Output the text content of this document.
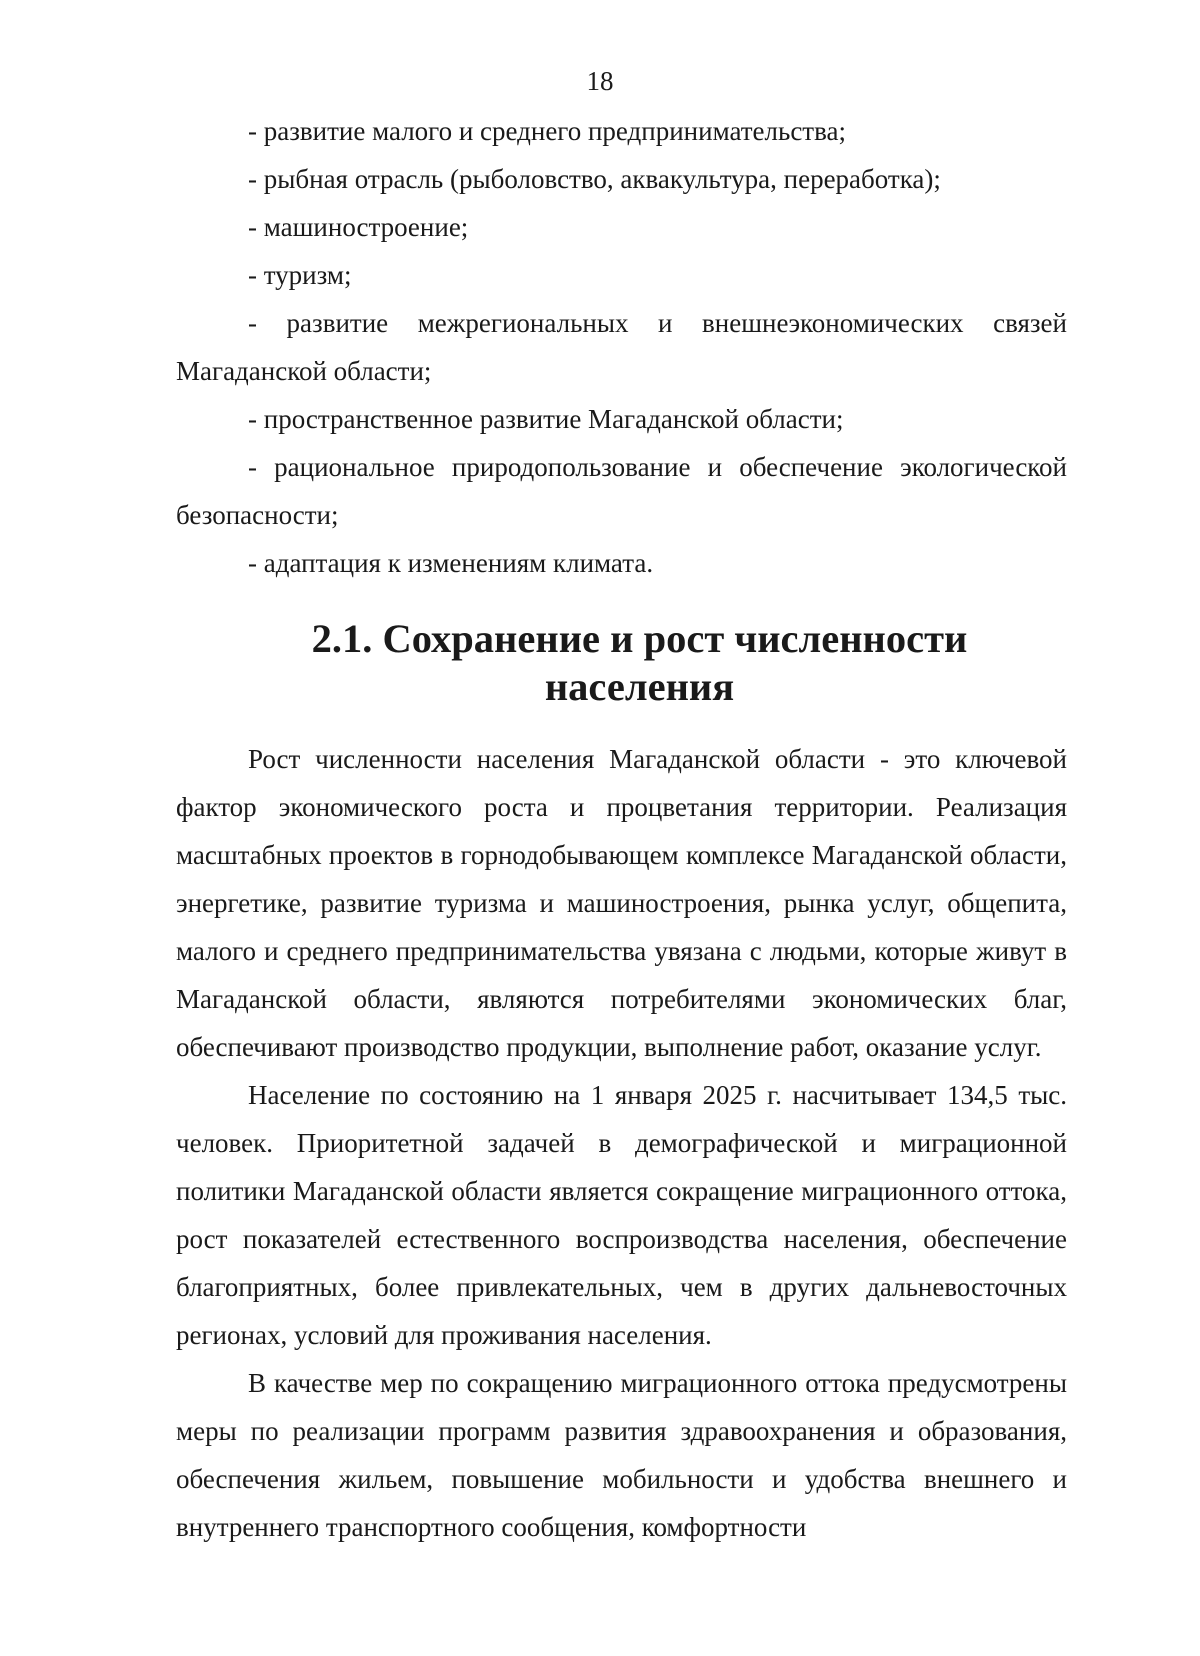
18

- развитие малого и среднего предпринимательства;

- рыбная отрасль (рыболовство, аквакультура, переработка);

- машиностроение;

- туризм;

- развитие межрегиональных и внешнеэкономических связей Магаданской области;

- пространственное развитие Магаданской области;

- рациональное природопользование и обеспечение экологической безопасности;

- адаптация к изменениям климата.

2.1. Сохранение и рост численности населения

Рост численности населения Магаданской области - это ключевой фактор экономического роста и процветания территории. Реализация масштабных проектов в горнодобывающем комплексе Магаданской области, энергетике, развитие туризма и машиностроения, рынка услуг, общепита, малого и среднего предпринимательства увязана с людьми, которые живут в Магаданской области, являются потребителями экономических благ, обеспечивают производство продукции, выполнение работ, оказание услуг.

Население по состоянию на 1 января 2025 г. насчитывает 134,5 тыс. человек. Приоритетной задачей в демографической и миграционной политики Магаданской области является сокращение миграционного оттока, рост показателей естественного воспроизводства населения, обеспечение благоприятных, более привлекательных, чем в других дальневосточных регионах, условий для проживания населения.

В качестве мер по сокращению миграционного оттока предусмотрены меры по реализации программ развития здравоохранения и образования, обеспечения жильем, повышение мобильности и удобства внешнего и внутреннего транспортного сообщения, комфортности
